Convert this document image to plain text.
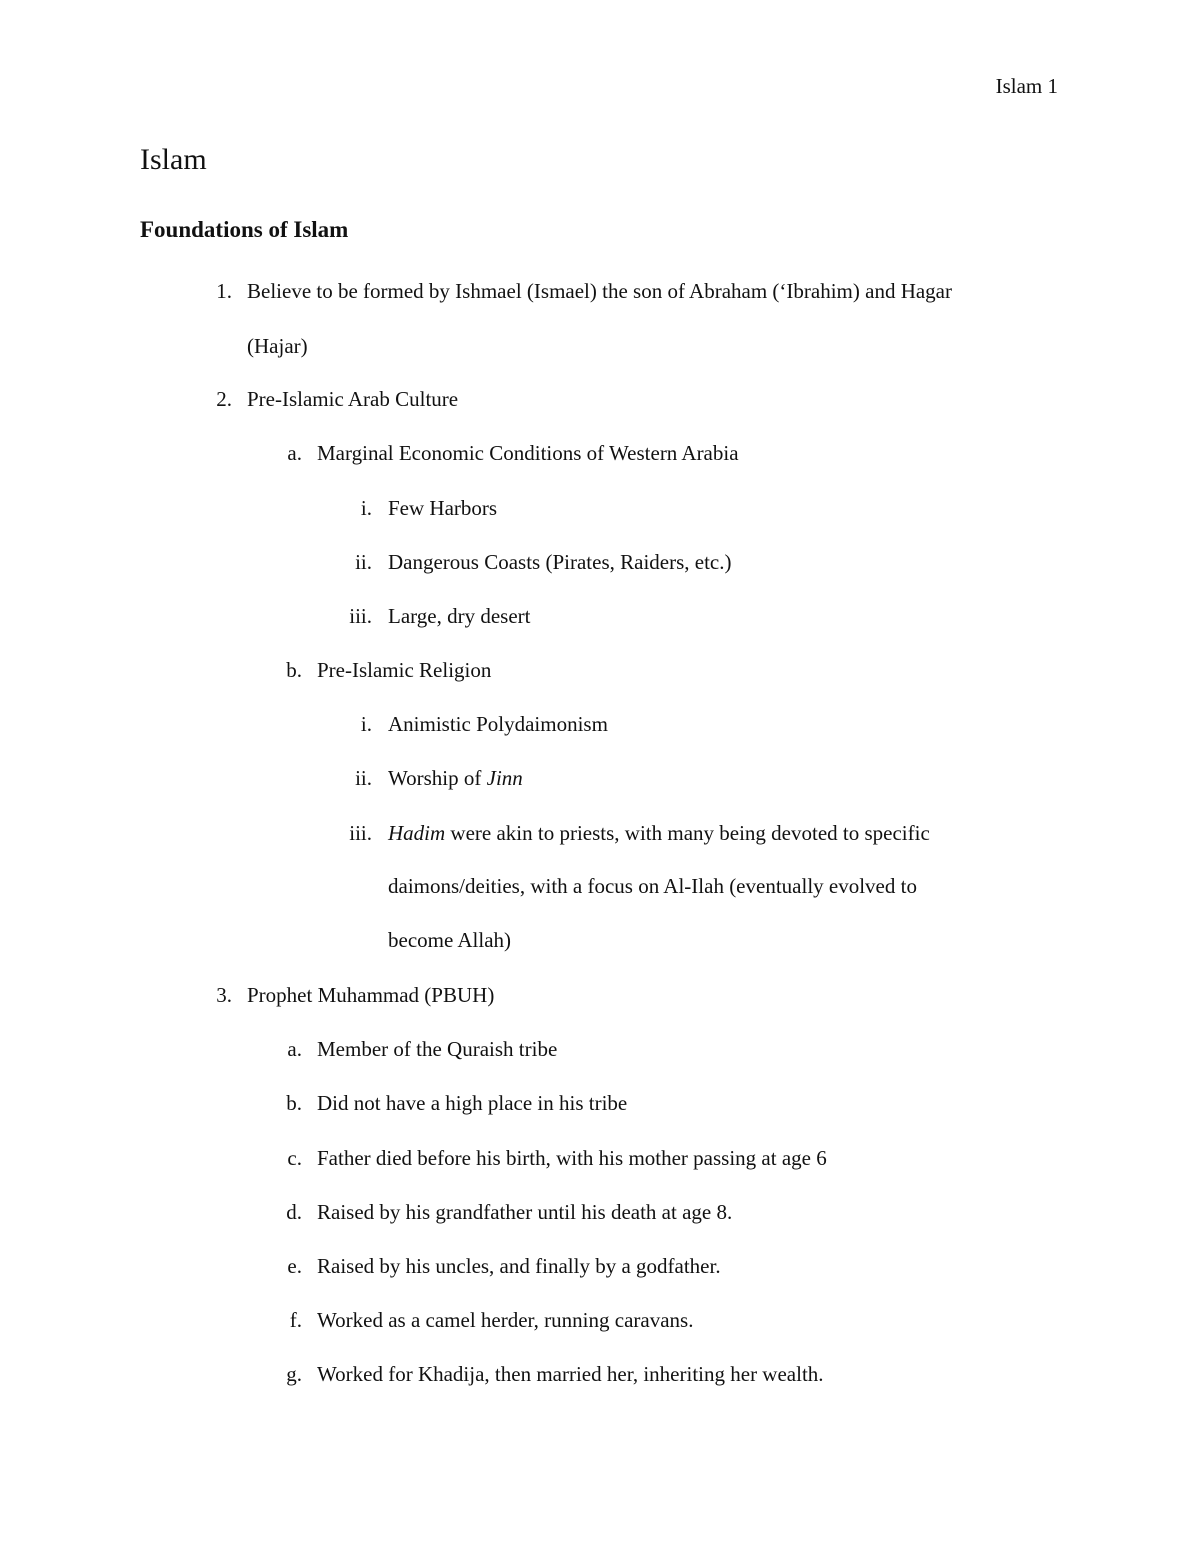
Islam 1
Islam
Foundations of Islam
1. Believe to be formed by Ishmael (Ismael) the son of Abraham (‘Ibrahim) and Hagar
(Hajar)
2. Pre-Islamic Arab Culture
a. Marginal Economic Conditions of Western Arabia
i. Few Harbors
ii. Dangerous Coasts (Pirates, Raiders, etc.)
iii. Large, dry desert
b. Pre-Islamic Religion
i. Animistic Polydaimonism
ii. Worship of Jinn
iii. Hadim were akin to priests, with many being devoted to specific
daimons/deities, with a focus on Al-Ilah (eventually evolved to
become Allah)
3. Prophet Muhammad (PBUH)
a. Member of the Quraish tribe
b. Did not have a high place in his tribe
c. Father died before his birth, with his mother passing at age 6
d. Raised by his grandfather until his death at age 8.
e. Raised by his uncles, and finally by a godfather.
f. Worked as a camel herder, running caravans.
g. Worked for Khadija, then married her, inheriting her wealth.
